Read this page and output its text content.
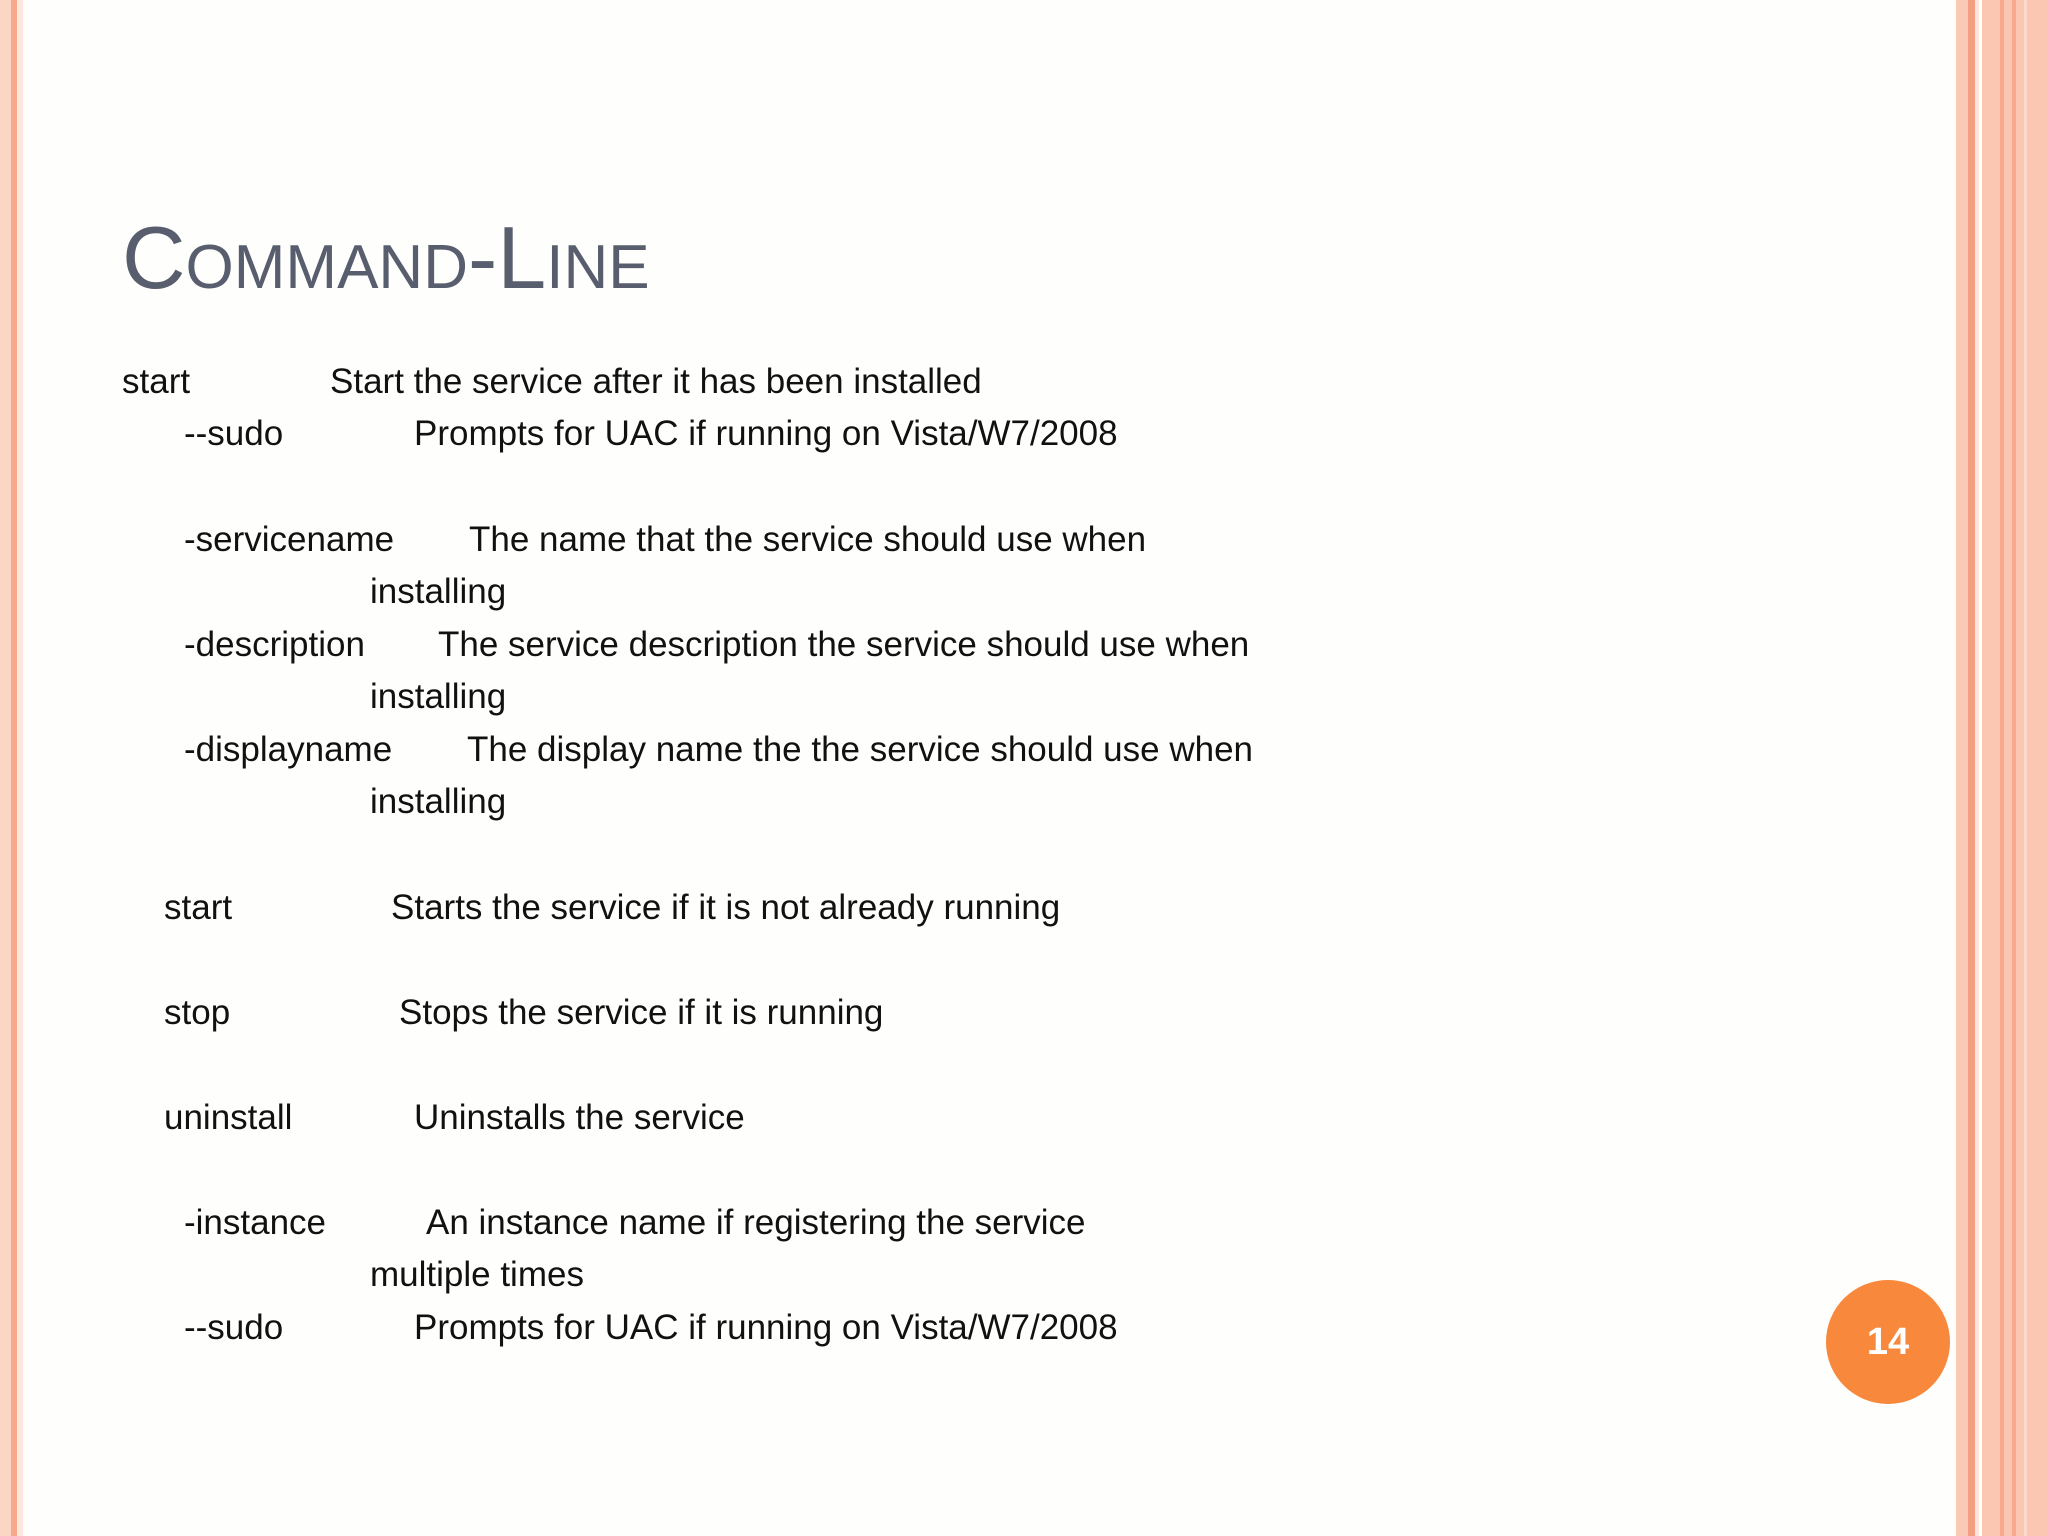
Command-Line
start	Start the service after it has been installed
--sudo	Prompts for UAC if running on Vista/W7/2008
-servicename The name that the service should use when
installing
-description The service description the service should use when
installing
-displayname The display name the the service should use when
installing
start	Starts the service if it is not already running
stop	Stops the service if it is running
uninstall	Uninstalls the service
-instance	An instance name if registering the service
multiple times
--sudo	Prompts for UAC if running on Vista/W7/2008	14
